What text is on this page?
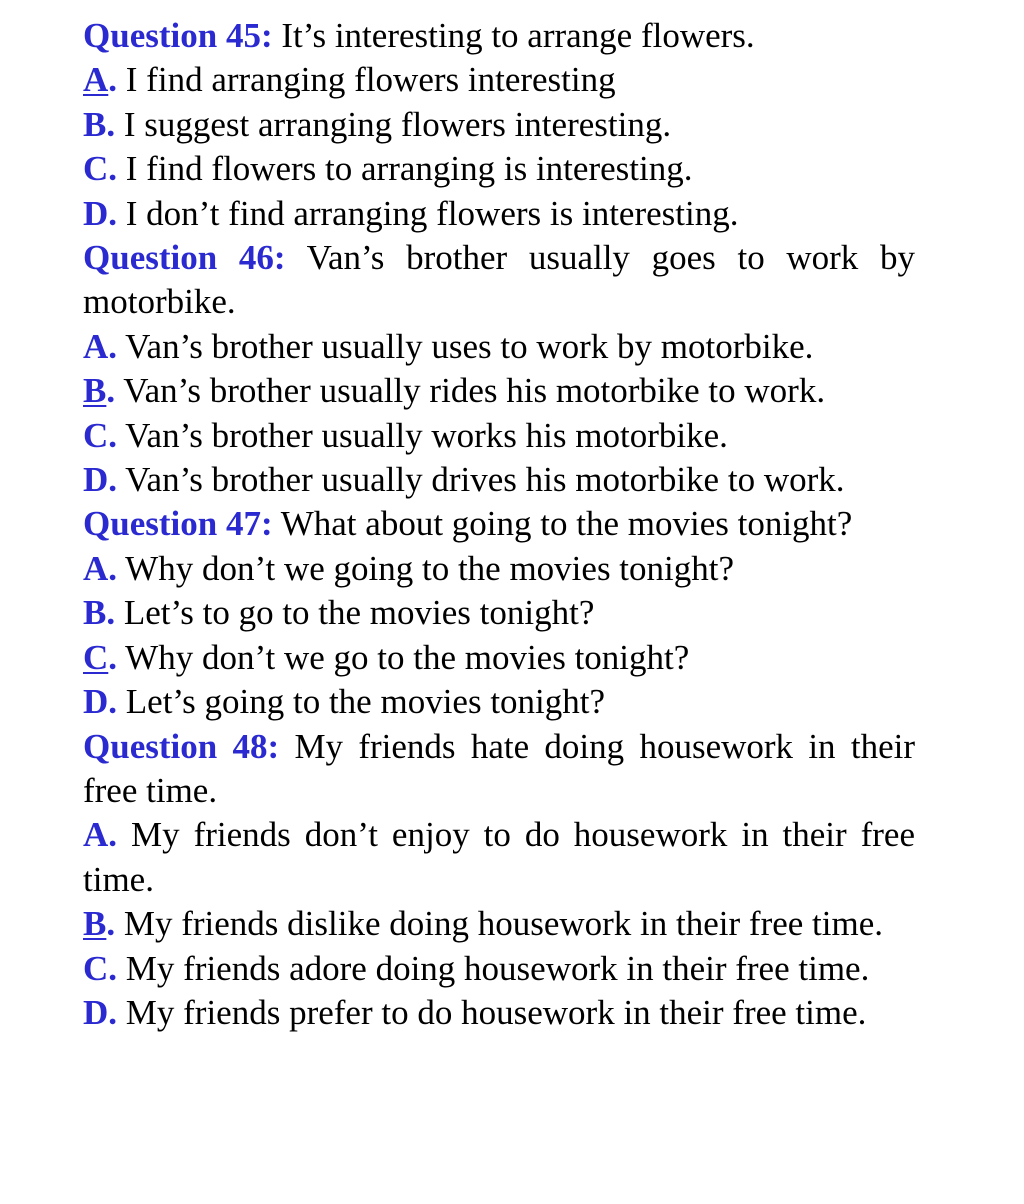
Question 45: It’s interesting to arrange flowers.
A. I find arranging flowers interesting
B. I suggest arranging flowers interesting.
C. I find flowers to arranging is interesting.
D. I don’t find arranging flowers is interesting.
Question 46: Van’s brother usually goes to work by motorbike.
A. Van’s brother usually uses to work by motorbike.
B. Van’s brother usually rides his motorbike to work.
C. Van’s brother usually works his motorbike.
D. Van’s brother usually drives his motorbike to work.
Question 47: What about going to the movies tonight?
A. Why don’t we going to the movies tonight?
B. Let’s to go to the movies tonight?
C. Why don’t we go to the movies tonight?
D. Let’s going to the movies tonight?
Question 48: My friends hate doing housework in their free time.
A. My friends don’t enjoy to do housework in their free time.
B. My friends dislike doing housework in their free time.
C. My friends adore doing housework in their free time.
D. My friends prefer to do housework in their free time.
